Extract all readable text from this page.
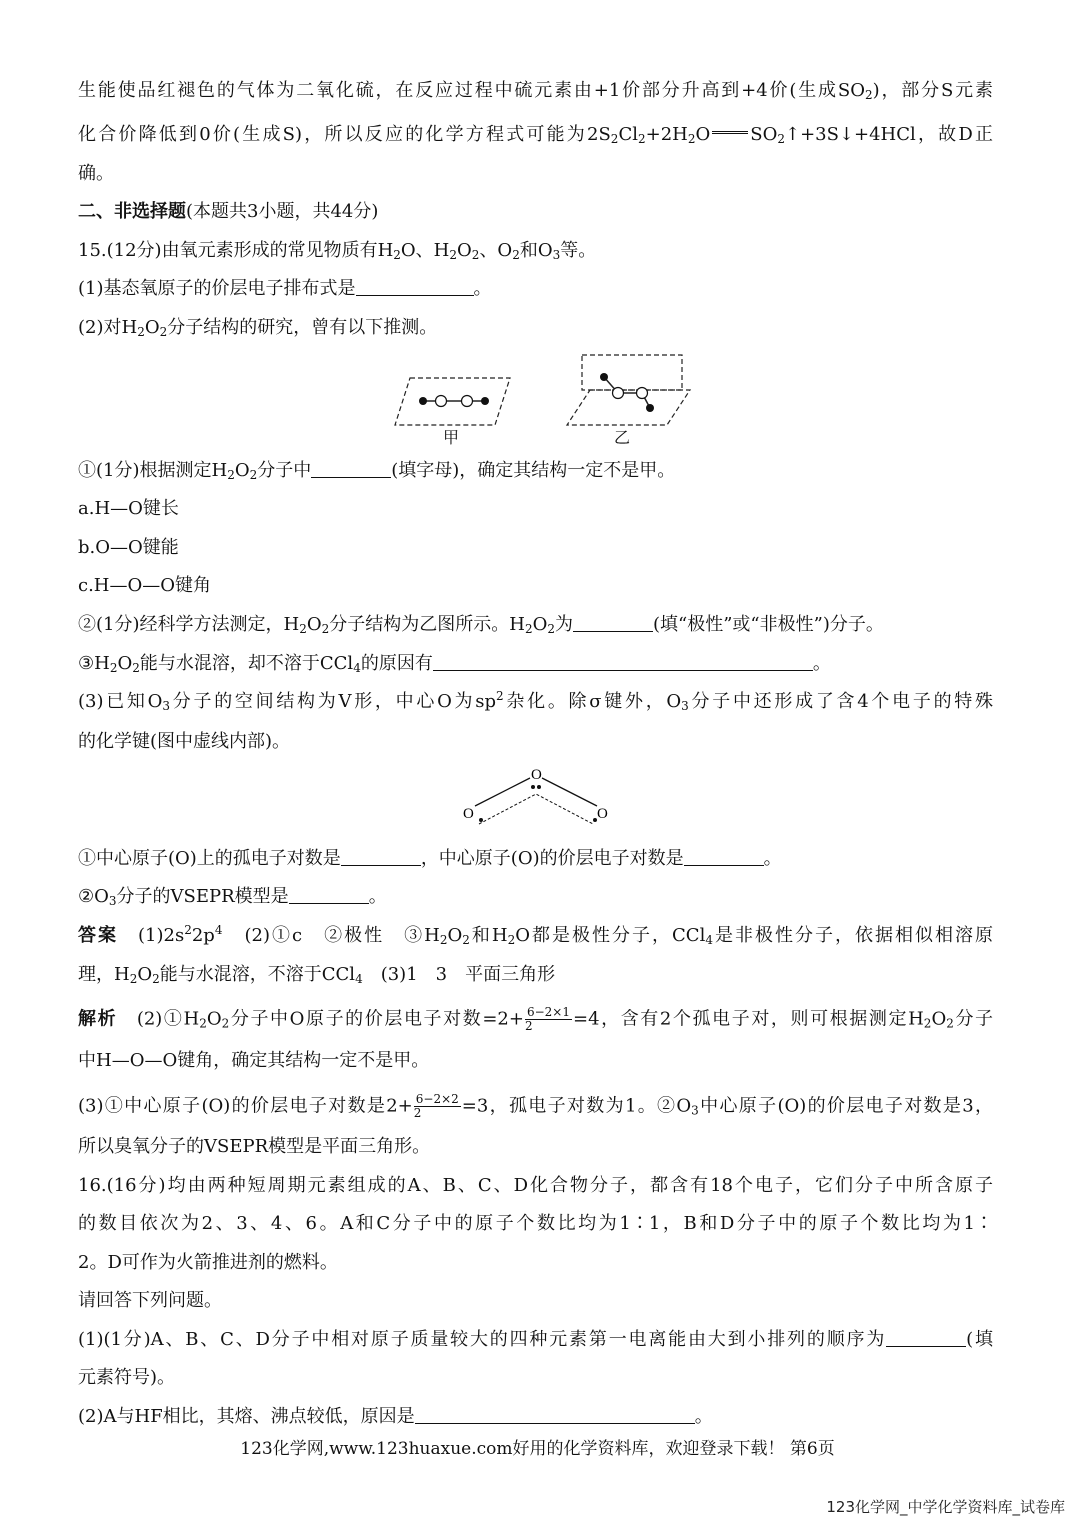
生能使品红褪色的气体为二氧化硫，在反应过程中硫元素由+1价部分升高到+4价(生成$SO_2$)，部分S元素
化合价降低到0价(生成S)，所以反应的化学方程式可能为$2S_2Cl_2+2H_2O$ $SO_2↑+3S↓+4HCl$，故D正
确。
二、非选择题(本题共3小题，共44分)
15.(12分)由氧元素形成的常见物质有$H_2O$、$H_2O_2$、$O_2$和$O_3$等。
(1)基态氧原子的价层电子排布式是	。
(2)对$H_2O_2$分子结构的研究，曾有以下推测。
甲	乙
①(1分)根据测定$H_2O_2$分子中	(填字母)，确定其结构一定不是甲。
a.H—O键长
b.O—O键能
c.H—O—O键角
②(1分)经科学方法测定，$H_2O_2$分子结构为乙图所示。$H_2O_2$为	(填“极性”或“非极性”)分子。
$③H_2O_2$能与水混溶，却不溶于CCl$_4$的原因有	。
(3)已知$O_3$分子的空间结构为V形，中心O为$sp^2$杂化。除σ键外，$O_3$分子中还形成了含4个电子的特殊
的化学键(图中虚线内部)。
O
O	O
①中心原子(O)上的孤电子对数是	，中心原子(O)的价层电子对数是	。
$②O_3$分子的VSEPR模型是	。
答案　 $(1)2s^22p^4$　 (2)①c　②极性　$③H_2O_2$和$H_2O$都是极性分子，CCl$_4$是非极性分子，依据相似相溶原
理，$H_2O_2$能与水混溶，不溶于CCl$_4$　 (3)1　3　平面三角形
解析　 $(2)①H_2O_2$分子中O原子的价层电子对数$=2+ \frac{6-2\times 1}{2} =4$，含有2个孤电子对，则可根据测定$H_2O_2$分子
中H—O—O键角，确定其结构一定不是甲。
(3)①中心原子(O)的价层电子对数是$2+ \frac{6-2\times 2}{2} =3$，孤电子对数为1。$②O_3$中心原子(O)的价层电子对数是3，
所以臭氧分子的VSEPR模型是平面三角形。
16.(16分)均由两种短周期元素组成的A、B、C、D化合物分子，都含有18个电子，它们分子中所含原子
的数目依次为2、3、4、6。A和C分子中的原子个数比均为1∶1，B和D分子中的原子个数比均为1∶
2。D可作为火箭推进剂的燃料。
请回答下列问题。
(1)(1分)A、B、C、D分子中相对原子质量较大的四种元素第一电离能由大到小排列的顺序为	(填
元素符号)。
(2)A与HF相比，其熔、沸点较低，原因是	。
123化学网,www.123huaxue.com好用的化学资料库，欢迎登录下载！ 第6页
123化学网_中学化学资料库_试卷库
